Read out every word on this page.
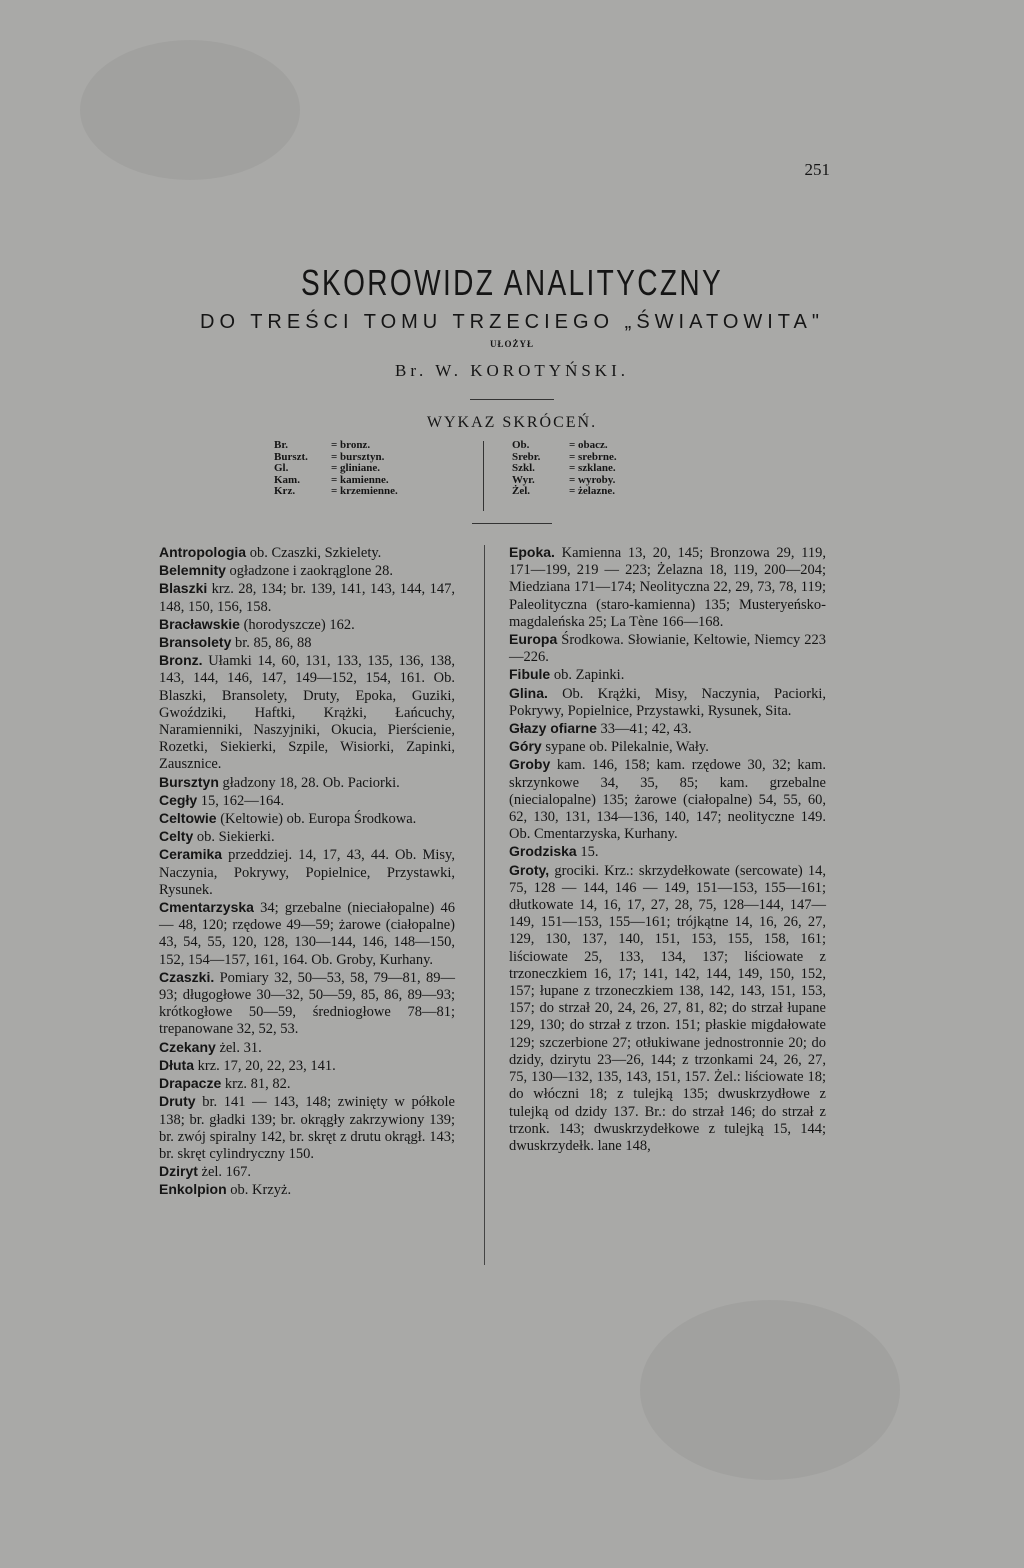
251
SKOROWIDZ ANALITYCZNY
DO TREŚCI TOMU TRZECIEGO „ŚWIATOWITA"
UŁOŻYŁ
Br. W. KOROTYŃSKI.
WYKAZ SKRÓCEŃ.
Br.	= bronz.
Burszt.	= bursztyn.
Gl.	= gliniane.
Kam.	= kamienne.
Krz.	= krzemienne.
Ob.	= obacz.
Srebr.	= srebrne.
Szkl.	= szklane.
Wyr.	= wyroby.
Żel.	= żelazne.
Antropologia ob. Czaszki, Szkielety.
Belemnity ogładzone i zaokrąglone 28.
Blaszki krz. 28, 134; br. 139, 141, 143, 144, 147, 148, 150, 156, 158.
Bracławskie (horodyszcze) 162.
Bransolety br. 85, 86, 88
Bronz. Ułamki 14, 60, 131, 133, 135, 136, 138, 143, 144, 146, 147, 149—152, 154, 161. Ob. Blaszki, Bransolety, Druty, Epoka, Guziki, Gwoździki, Haftki, Krążki, Łańcuchy, Naramienniki, Naszyjniki, Okucia, Pierścienie, Rozetki, Siekierki, Szpile, Wisiorki, Zapinki, Zausznice.
Bursztyn gładzony 18, 28. Ob. Paciorki.
Cegły 15, 162—164.
Celtowie (Keltowie) ob. Europa Środkowa.
Celty ob. Siekierki.
Ceramika przeddziej. 14, 17, 43, 44. Ob. Misy, Naczynia, Pokrywy, Popielnice, Przystawki, Rysunek.
Cmentarzyska 34; grzebalne (nieciałopalne) 46 — 48, 120; rzędowe 49—59; żarowe (ciałopalne) 43, 54, 55, 120, 128, 130—144, 146, 148—150, 152, 154—157, 161, 164. Ob. Groby, Kurhany.
Czaszki. Pomiary 32, 50—53, 58, 79—81, 89—93; długogłowe 30—32, 50—59, 85, 86, 89—93; krótkogłowe 50—59, średniogłowe 78—81; trepanowane 32, 52, 53.
Czekany żel. 31.
Dłuta krz. 17, 20, 22, 23, 141.
Drapacze krz. 81, 82.
Druty br. 141 — 143, 148; zwinięty w półkole 138; br. gładki 139; br. okrągły zakrzywiony 139; br. zwój spiralny 142, br. skręt z drutu okrągł. 143; br. skręt cylindryczny 150.
Dziryt żel. 167.
Enkolpion ob. Krzyż.
Epoka. Kamienna 13, 20, 145; Bronzowa 29, 119, 171—199, 219 — 223; Żelazna 18, 119, 200—204; Miedziana 171—174; Neolityczna 22, 29, 73, 78, 119; Paleolityczna (staro-kamienna) 135; Musteryeńsko-magdaleńska 25; La Tène 166—168.
Europa Środkowa. Słowianie, Keltowie, Niemcy 223—226.
Fibule ob. Zapinki.
Glina. Ob. Krążki, Misy, Naczynia, Paciorki, Pokrywy, Popielnice, Przystawki, Rysunek, Sita.
Głazy ofiarne 33—41; 42, 43.
Góry sypane ob. Pilekalnie, Wały.
Groby kam. 146, 158; kam. rzędowe 30, 32; kam. skrzynkowe 34, 35, 85; kam. grzebalne (niecialopalne) 135; żarowe (ciałopalne) 54, 55, 60, 62, 130, 131, 134—136, 140, 147; neolityczne 149. Ob. Cmentarzyska, Kurhany.
Grodziska 15.
Groty, grociki. Krz.: skrzydełkowate (sercowate) 14, 75, 128 — 144, 146 — 149, 151—153, 155—161; dłutkowate 14, 16, 17, 27, 28, 75, 128—144, 147—149, 151—153, 155—161; trójkątne 14, 16, 26, 27, 129, 130, 137, 140, 151, 153, 155, 158, 161; liściowate 25, 133, 134, 137; liściowate z trzoneczkiem 16, 17; 141, 142, 144, 149, 150, 152, 157; łupane z trzoneczkiem 138, 142, 143, 151, 153, 157; do strzał 20, 24, 26, 27, 81, 82; do strzał łupane 129, 130; do strzał z trzon. 151; płaskie migdałowate 129; szczerbione 27; otłukiwane jednostronnie 20; do dzidy, dzirytu 23—26, 144; z trzonkami 24, 26, 27, 75, 130—132, 135, 143, 151, 157. Żel.: liściowate 18; do włóczni 18; z tulejką 135; dwuskrzydłowe z tulejką od dzidy 137. Br.: do strzał 146; do strzał z trzonk. 143; dwuskrzydełkowe z tulejką 15, 144; dwuskrzydełk. lane 148,
